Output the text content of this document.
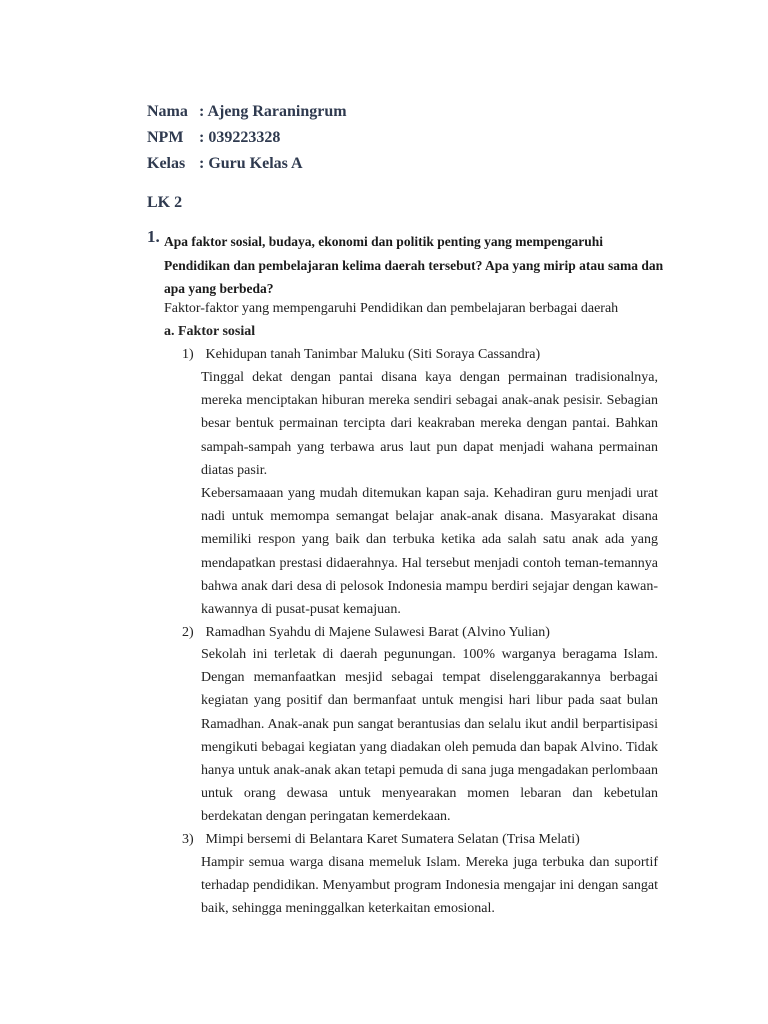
Nama : Ajeng Raraningrum
NPM : 039223328
Kelas : Guru Kelas A
LK 2
1. Apa faktor sosial, budaya, ekonomi dan politik penting yang mempengaruhi Pendidikan dan pembelajaran kelima daerah tersebut? Apa yang mirip atau sama dan apa yang berbeda?
Faktor-faktor yang mempengaruhi Pendidikan dan pembelajaran berbagai daerah
a. Faktor sosial
1) Kehidupan tanah Tanimbar Maluku (Siti Soraya Cassandra)
Tinggal dekat dengan pantai disana kaya dengan permainan tradisionalnya, mereka menciptakan hiburan mereka sendiri sebagai anak-anak pesisir. Sebagian besar bentuk permainan tercipta dari keakraban mereka dengan pantai. Bahkan sampah-sampah yang terbawa arus laut pun dapat menjadi wahana permainan diatas pasir.
Kebersamaaan yang mudah ditemukan kapan saja. Kehadiran guru menjadi urat nadi untuk memompa semangat belajar anak-anak disana. Masyarakat disana memiliki respon yang baik dan terbuka ketika ada salah satu anak ada yang mendapatkan prestasi didaerahnya. Hal tersebut menjadi contoh teman-temannya bahwa anak dari desa di pelosok Indonesia mampu berdiri sejajar dengan kawan-kawannya di pusat-pusat kemajuan.
2) Ramadhan Syahdu di Majene Sulawesi Barat (Alvino Yulian)
Sekolah ini terletak di daerah pegunungan. 100% warganya beragama Islam. Dengan memanfaatkan mesjid sebagai tempat diselenggarakannya berbagai kegiatan yang positif dan bermanfaat untuk mengisi hari libur pada saat bulan Ramadhan. Anak-anak pun sangat berantusias dan selalu ikut andil berpartisipasi mengikuti bebagai kegiatan yang diadakan oleh pemuda dan bapak Alvino. Tidak hanya untuk anak-anak akan tetapi pemuda di sana juga mengadakan perlombaan untuk orang dewasa untuk menyearakan momen lebaran dan kebetulan berdekatan dengan peringatan kemerdekaan.
3) Mimpi bersemi di Belantara Karet Sumatera Selatan (Trisa Melati)
Hampir semua warga disana memeluk Islam. Mereka juga terbuka dan suportif terhadap pendidikan. Menyambut program Indonesia mengajar ini dengan sangat baik, sehingga meninggalkan keterkaitan emosional.
